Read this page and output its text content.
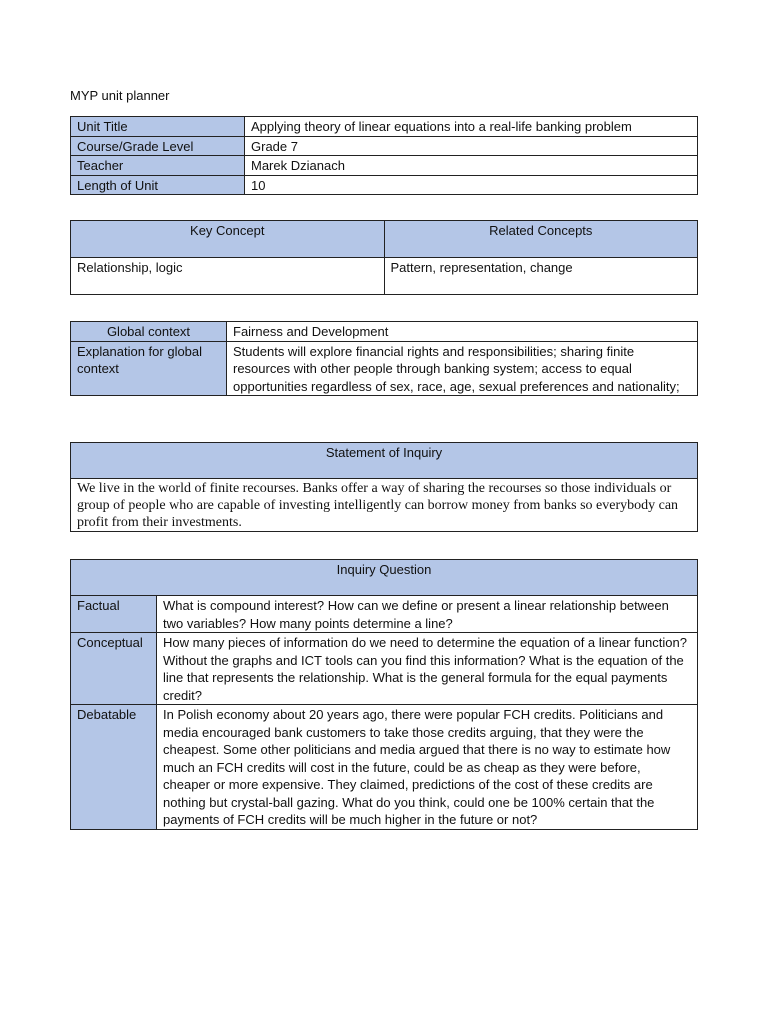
MYP unit planner
Unit Title	Applying theory of linear equations into a real-life banking problem
Course/Grade Level	Grade 7
Teacher	Marek Dzianach
Length of Unit	10
Key Concept	Related Concepts
Relationship, logic	Pattern, representation, change
Global context	Fairness and Development
Explanation for global context	Students will explore financial rights and responsibilities; sharing finite resources with other people through banking system; access to equal opportunities regardless of sex, race, age, sexual preferences and nationality;
Statement of Inquiry
We live in the world of finite recourses. Banks offer a way of sharing the recourses so those individuals or group of people who are capable of investing intelligently can borrow money from banks so everybody can profit from their investments.
Inquiry Question	
Factual	What is compound interest? How can we define or present a linear relationship between two variables? How many points determine a line?
Conceptual	How many pieces of information do we need to determine the equation of a linear function? Without the graphs and ICT tools can you find this information? What is the equation of the line that represents the relationship. What is the general formula for the equal payments credit?
Debatable	In Polish economy about 20 years ago, there were popular FCH credits. Politicians and media encouraged bank customers to take those credits arguing, that they were the cheapest. Some other politicians and media argued that there is no way to estimate how much an FCH credits will cost in the future, could be as cheap as they were before, cheaper or more expensive. They claimed, predictions of the cost of these credits are nothing but crystal-ball gazing. What do you think, could one be 100% certain that the payments of FCH credits will be much higher in the future or not?
